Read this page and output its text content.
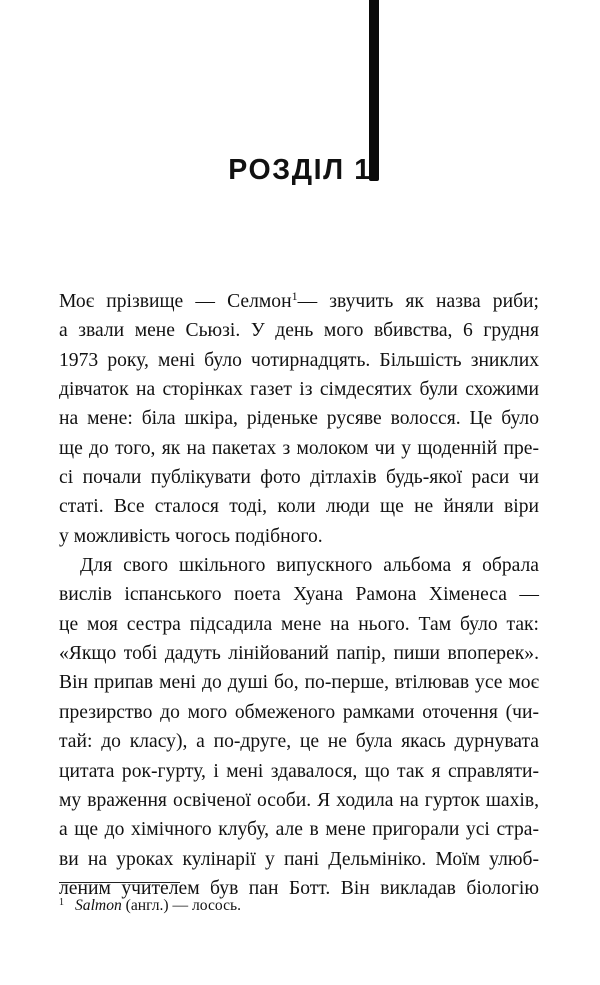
РОЗДІЛ 1
Моє прізвище — Селмон$^1$— звучить як назва риби;
а звали мене Сьюзі. У день мого вбивства, 6 грудня
1973 року, мені було чотирнадцять. Більшість зниклих
дівчаток на сторінках газет із сімдесятих були схожими
на мене: біла шкіра, ріденьке русяве волосся. Це було
ще до того, як на пакетах з молоком чи у щоденній пре-
сі почали публікувати фото дітлахів будь-якої раси чи
статі. Все сталося тоді, коли люди ще не йняли віри
у можливість чогось подібного.
Для свого шкільного випускного альбома я обрала
вислів іспанського поета Хуана Рамона Хіменеса —
це моя сестра підсадила мене на нього. Там було так:
«Якщо тобі дадуть лінійований папір, пиши впоперек».
Він припав мені до душі бо, по-перше, втілював усе моє
презирство до мого обмеженого рамками оточення (чи-
тай: до класу), а по-друге, це не була якась дурнувата
цитата рок-гурту, і мені здавалося, що так я справляти-
му враження освіченої особи. Я ходила на гурток шахів,
а ще до хімічного клубу, але в мене пригорали усі стра-
ви на уроках кулінарії у пані Дельмініко. Моїм улюб-
леним учителем був пан Ботт. Він викладав біологію
1 Salmon (англ.) — лосось.
